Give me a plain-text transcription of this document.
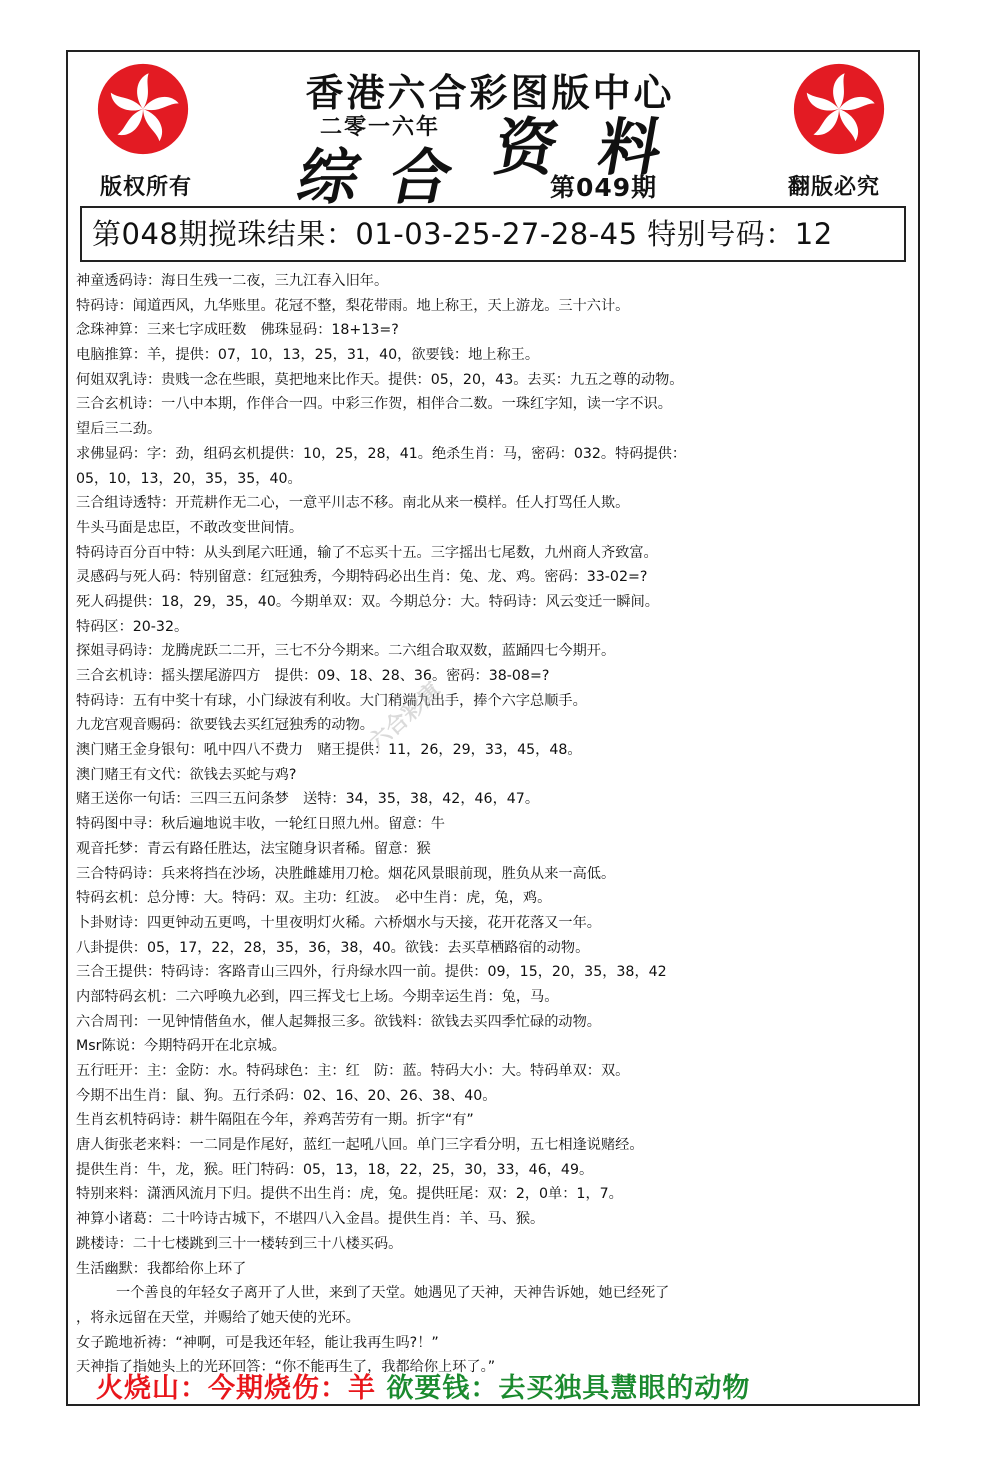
版权所有	翻版必究
香港六合彩图版中心
二零一六年
综 合 资 料
第049期
第048期搅珠结果：01-03-25-27-28-45 特别号码：12
神童透码诗：海日生残一二夜，三九江春入旧年。
特码诗：闻道西风，九华账里。花冠不整，梨花带雨。地上称王，天上游龙。三十六计。
念珠神算：三来七字成旺数　佛珠显码：18+13=?
电脑推算：羊，提供：07，10，13，25，31，40，欲要钱：地上称王。
何姐双乳诗：贵贱一念在些眼，莫把地来比作天。提供：05，20，43。去买：九五之尊的动物。
三合玄机诗：一八中本期，作伴合一四。中彩三作贺，相伴合二数。一珠红字知，读一字不识。
望后三二劲。
求佛显码：字：劲，组码玄机提供：10，25，28，41。绝杀生肖：马，密码：032。特码提供：
05，10，13，20，35，35，40。
三合组诗透特：开荒耕作无二心，一意平川志不移。南北从来一模样。任人打骂任人欺。
牛头马面是忠臣，不敢改变世间情。
特码诗百分百中特：从头到尾六旺通，输了不忘买十五。三字摇出七尾数，九州商人齐致富。
灵感码与死人码：特别留意：红冠独秀，今期特码必出生肖：兔、龙、鸡。密码：33-02=?
死人码提供：18，29，35，40。今期单双：双。今期总分：大。特码诗：风云变迁一瞬间。
特码区：20-32。
探姐寻码诗：龙腾虎跃二二开，三七不分今期来。二六组合取双数，蓝踊四七今期开。
三合玄机诗：摇头摆尾游四方　提供：09、18、28、36。密码：38-08=?
特码诗：五有中奖十有球，小门绿波有利收。大门稍端九出手，捧个六字总顺手。
九龙宫观音赐码：欲要钱去买红冠独秀的动物。
澳门赌王金身银句：吼中四八不费力　赌王提供：11，26，29，33，45，48。
澳门赌王有文代：欲钱去买蛇与鸡?
赌王送你一句话：三四三五问条梦　送特：34，35，38，42，46，47。
特码图中寻：秋后遍地说丰收，一轮红日照九州。留意：牛
观音托梦：青云有路任胜达，法宝随身识者稀。留意：猴
三合特码诗：兵来将挡在沙场，决胜雌雄用刀枪。烟花风景眼前现，胜负从来一高低。
特码玄机：总分博：大。特码：双。主功：红波。　必中生肖：虎，兔，鸡。
卜卦财诗：四更钟动五更鸣，十里夜明灯火稀。六桥烟水与天接，花开花落又一年。
八卦提供：05，17，22，28，35，36，38，40。欲钱：去买草栖路宿的动物。
三合王提供：特码诗：客路青山三四外，行舟绿水四一前。提供：09，15，20，35，38，42
内部特码玄机：二六呼唤九必到，四三挥戈七上场。今期幸运生肖：兔，马。
六合周刊：一见钟情偕鱼水，催人起舞报三多。欲钱料：欲钱去买四季忙碌的动物。
Msr陈说：今期特码开在北京城。
五行旺开：主：金防：水。特码球色：主：红　防：蓝。特码大小：大。特码单双：双。
今期不出生肖：鼠、狗。五行杀码：02、16、20、26、38、40。
生肖玄机特码诗：耕牛隔阻在今年，养鸡苦劳有一期。折字“有”
唐人街张老来料：一二同是作尾好，蓝红一起吼八回。单门三字看分明，五七相逢说赌经。
提供生肖：牛，龙，猴。旺门特码：05，13，18，22，25，30，33，46，49。
特别来料：潇洒风流月下归。提供不出生肖：虎，兔。提供旺尾：双：2，0单：1，7。
神算小诸葛：二十吟诗古城下，不堪四八入金昌。提供生肖：羊、马、猴。
跳楼诗：二十七楼跳到三十一楼转到三十八楼买码。
生活幽默：我都给你上环了
一个善良的年轻女子离开了人世，来到了天堂。她遇见了天神，天神告诉她，她已经死了
，将永远留在天堂，并赐给了她天使的光环。
女子跪地祈祷：“神啊，可是我还年轻，能让我再生吗?！”
天神指了指她头上的光环回答：“你不能再生了，我都给你上环了。”
六合彩庫
火烧山：今期烧伤：羊 欲要钱：去买独具慧眼的动物
